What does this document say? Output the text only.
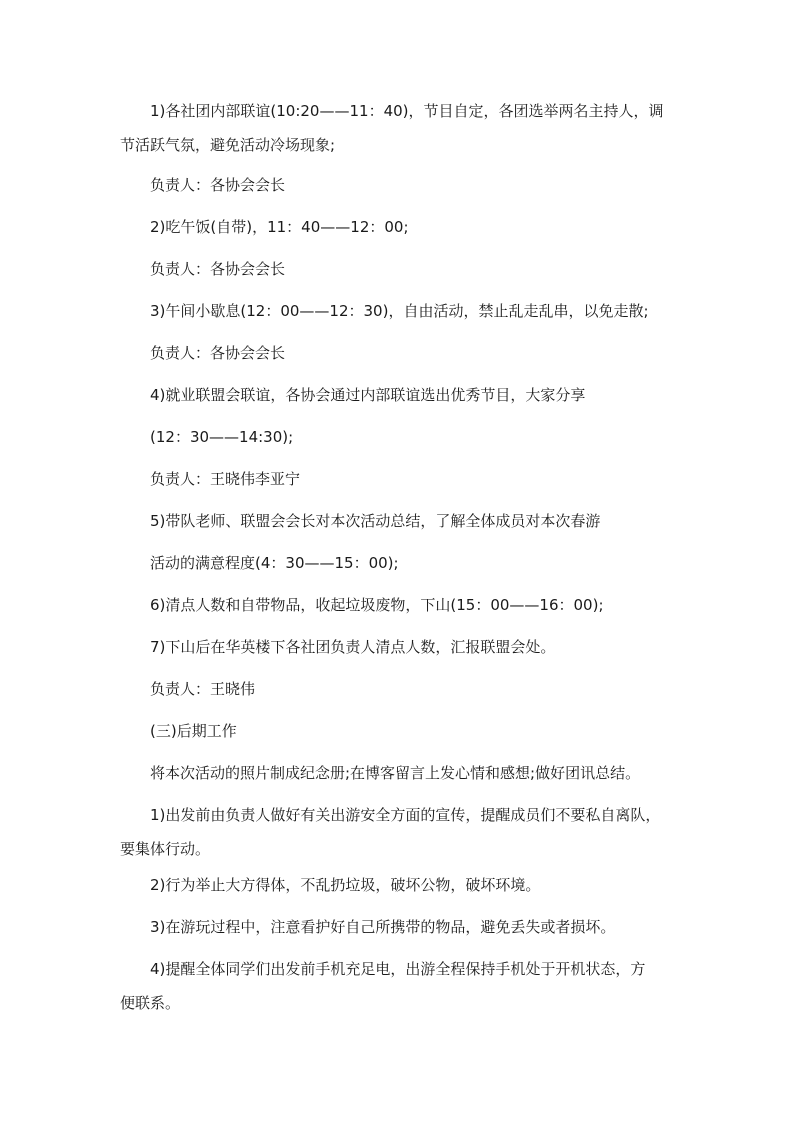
1)各社团内部联谊(10:20——11：40)，节目自定，各团选举两名主持人，调
节活跃气氛，避免活动冷场现象;

负责人：各协会会长

2)吃午饭(自带)，11：40——12：00;

负责人：各协会会长

3)午间小歇息(12：00——12：30)，自由活动，禁止乱走乱串，以免走散;

负责人：各协会会长

4)就业联盟会联谊，各协会通过内部联谊选出优秀节目，大家分享

(12：30——14:30);

负责人：王晓伟李亚宁

5)带队老师、联盟会会长对本次活动总结，了解全体成员对本次春游

活动的满意程度(4：30——15：00);

6)清点人数和自带物品，收起垃圾废物，下山(15：00——16：00);

7)下山后在华英楼下各社团负责人清点人数，汇报联盟会处。

负责人：王晓伟

(三)后期工作

将本次活动的照片制成纪念册;在博客留言上发心情和感想;做好团讯总结。

1)出发前由负责人做好有关出游安全方面的宣传，提醒成员们不要私自离队，
要集体行动。

2)行为举止大方得体，不乱扔垃圾，破坏公物，破坏环境。

3)在游玩过程中，注意看护好自己所携带的物品，避免丢失或者损坏。

4)提醒全体同学们出发前手机充足电，出游全程保持手机处于开机状态，方
便联系。
